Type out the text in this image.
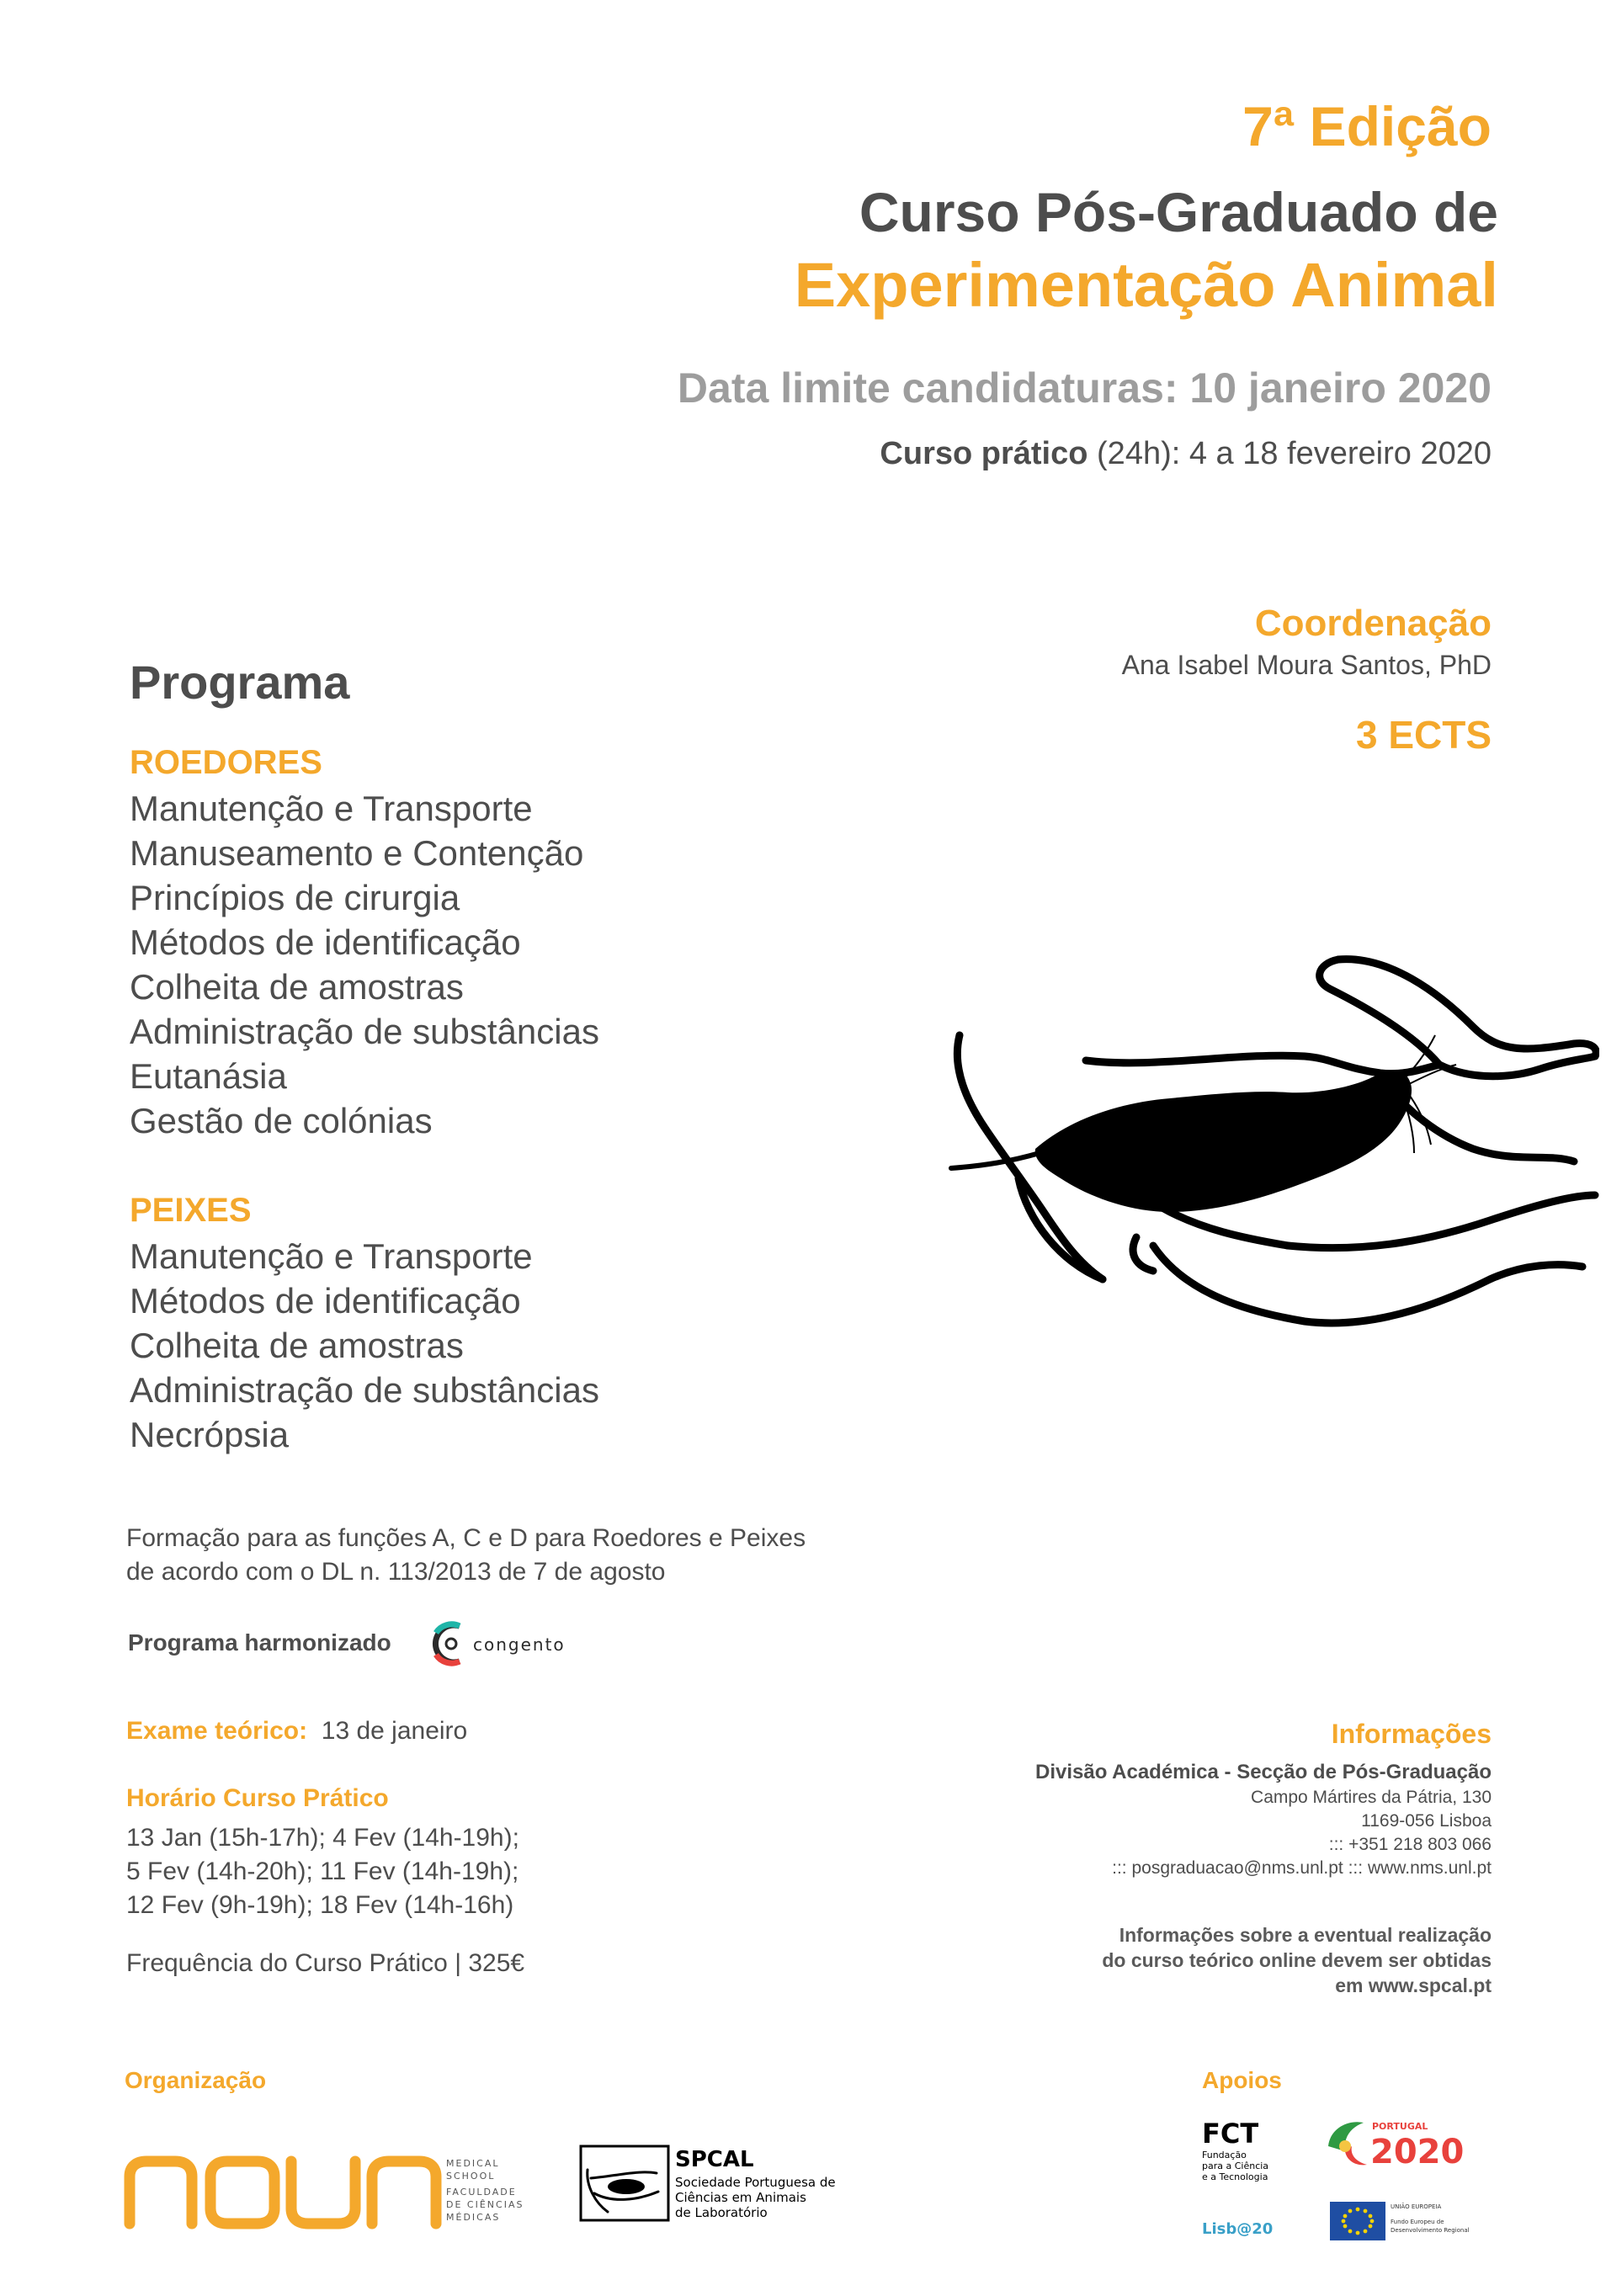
7ª Edição
Curso Pós-Graduado de
Experimentação Animal
Data limite candidaturas: 10 janeiro 2020
Curso prático (24h): 4 a 18 fevereiro 2020
Coordenação
Ana Isabel Moura Santos, PhD
3 ECTS
Programa
ROEDORES
Manutenção e Transporte
Manuseamento e Contenção
Princípios de cirurgia
Métodos de identificação
Colheita de amostras
Administração de substâncias
Eutanásia
Gestão de colónias
PEIXES
Manutenção e Transporte
Métodos de identificação
Colheita de amostras
Administração de substâncias
Necrópsia
Formação para as funções A, C e D para Roedores e Peixes
de acordo com o DL n. 113/2013 de 7 de agosto
Programa harmonizado	congento
Exame teórico: 13 de janeiro
Horário Curso Prático
13 Jan (15h-17h); 4 Fev (14h-19h);
5 Fev (14h-20h); 11 Fev (14h-19h);
12 Fev (9h-19h); 18 Fev (14h-16h)
Frequência do Curso Prático | 325€
Informações
Divisão Académica - Secção de Pós-Graduação
Campo Mártires da Pátria, 130
1169-056 Lisboa
::: +351 218 803 066
::: posgraduacao@nms.unl.pt ::: www.nms.unl.pt
Informações sobre a eventual realização
do curso teórico online devem ser obtidas
em www.spcal.pt
Organização
MEDICAL
SCHOOL
FACULDADE
DE CIÊNCIAS
MÉDICAS
SPCAL
Sociedade Portuguesa de
Ciências em Animais
de Laboratório
Apoios
FCT
Fundação
para a Ciência
e a Tecnologia
PORTUGAL
2020
Lisb@20
UNIÃO EUROPEIA
Fundo Europeu de
Desenvolvimento Regional
